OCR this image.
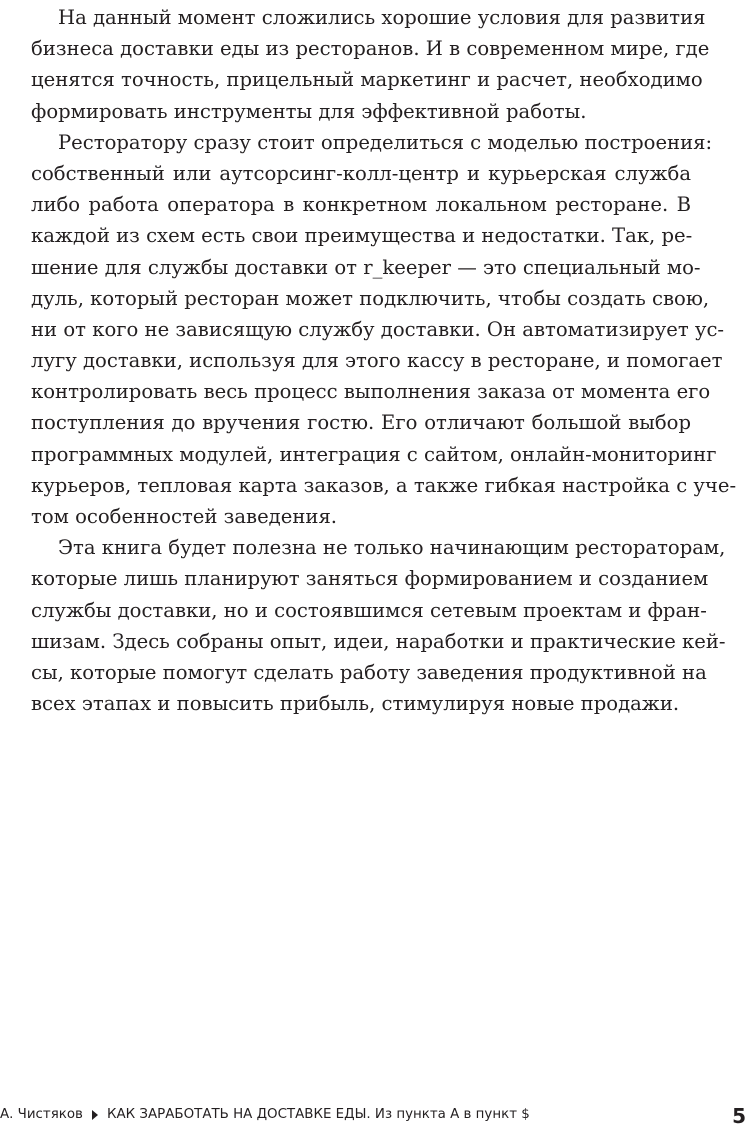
На данный момент сложились хорошие условия для развития
бизнеса доставки еды из ресторанов. И в современном мире, где
ценятся точность, прицельный маркетинг и расчет, необходимо
формировать инструменты для эффективной работы.
Ресторатору сразу стоит определиться с моделью построения:
собственный или аутсорсинг-колл-центр и курьерская служба
либо работа оператора в конкретном локальном ресторане. В
каждой из схем есть свои преимущества и недостатки. Так, ре-
шение для службы доставки от r_keeper — это специальный мо-
дуль, который ресторан может подключить, чтобы создать свою,
ни от кого не зависящую службу доставки. Он автоматизирует ус-
лугу доставки, используя для этого кассу в ресторане, и помогает
контролировать весь процесс выполнения заказа от момента его
поступления до вручения гостю. Его отличают большой выбор
программных модулей, интеграция с сайтом, онлайн-мониторинг
курьеров, тепловая карта заказов, а также гибкая настройка с уче-
том особенностей заведения.
Эта книга будет полезна не только начинающим рестораторам,
которые лишь планируют заняться формированием и созданием
службы доставки, но и состоявшимся сетевым проектам и фран-
шизам. Здесь собраны опыт, идеи, наработки и практические кей-
сы, которые помогут сделать работу заведения продуктивной на
всех этапах и повысить прибыль, стимулируя новые продажи.
А. Чистяков КАК ЗАРАБОТАТЬ НА ДОСТАВКЕ ЕДЫ. Из пункта А в пункт $	5
